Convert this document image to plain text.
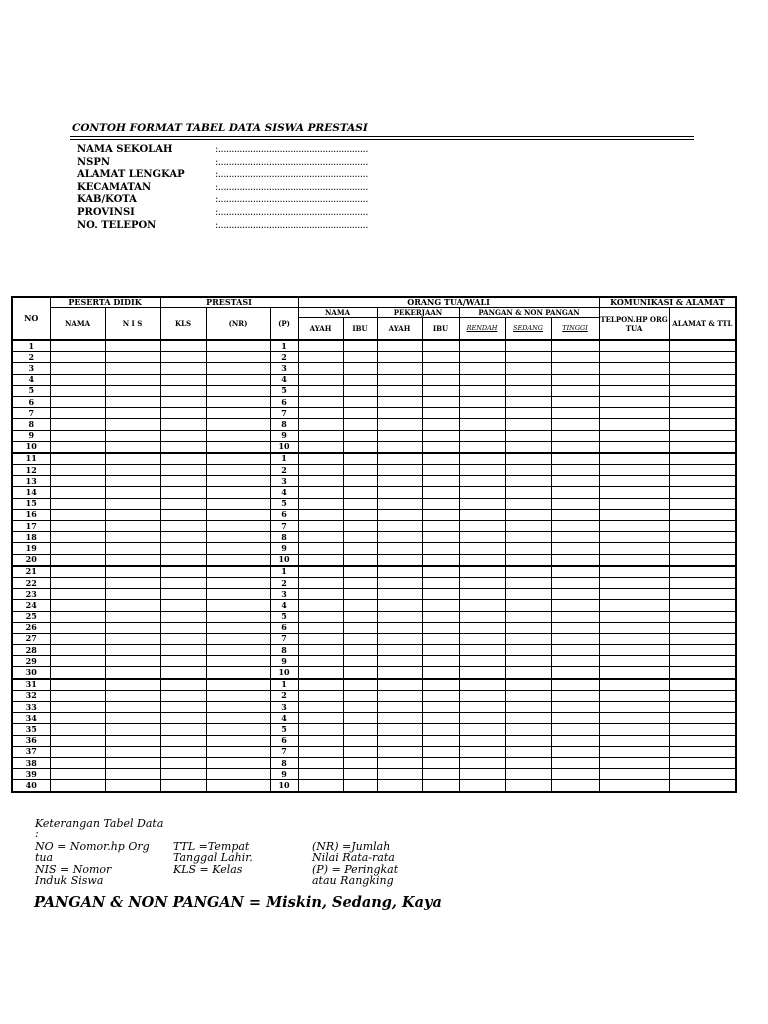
CONTOH FORMAT TABEL DATA SISWA PRESTASI
NAMA SEKOLAH	:........................................................
NSPN	:........................................................
ALAMAT LENGKAP	:........................................................
KECAMATAN	:........................................................
KAB/KOTA	:........................................................
PROVINSI	:........................................................
NO. TELEPON	:........................................................
NO	PESERTA DIDIK		PRESTASI			ORANG TUA/WALI							KOMUNIKASI & ALAMAT	
	NAMA	N I S	KLS	(NR)	(P)	NAMA		PEKERJAAN		PANGAN & NON PANGAN			TELPON.HP ORG TUA	ALAMAT & TTL
						AYAH	IBU	AYAH	IBU	RENDAH	SEDANG	TINGGI		
1					1									
2					2									
3					3									
4					4									
5					5									
6					6									
7					7									
8					8									
9					9									
10					10									
11					1									
12					2									
13					3									
14					4									
15					5									
16					6									
17					7									
18					8									
19					9									
20					10									
21					1									
22					2									
23					3									
24					4									
25					5									
26					6									
27					7									
28					8									
29					9									
30					10									
31					1									
32					2									
33					3									
34					4									
35					5									
36					6									
37					7									
38					8									
39					9									
40					10									
Keterangan Tabel Data
:
NO = Nomor.hp Org tua
NIS = Nomor Induk Siswa
TTL =Tempat Tanggal Lahir.
KLS = Kelas
(NR) =Jumlah Nilai Rata-rata
(P) = Peringkat atau Rangking
PANGAN & NON PANGAN = Miskin, Sedang, Kaya
